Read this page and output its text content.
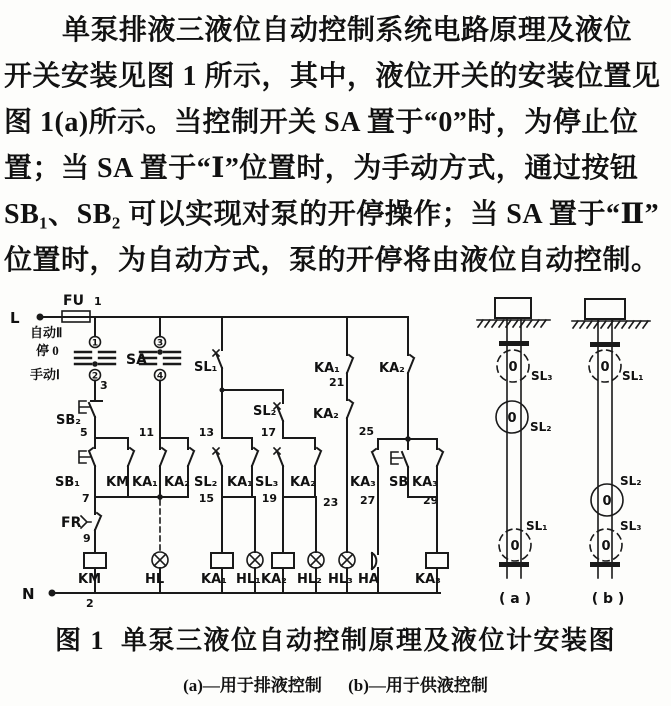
单泵排液三液位自动控制系统电路原理及液位
开关安装见图 1 所示，其中，液位开关的安装位置见
图 1(a)所示。当控制开关 SA 置于“0”时，为停止位
置；当 SA 置于“Ⅰ”位置时，为手动方式，通过按钮
SB₁、SB₂ 可以实现对泵的开停操作；当 SA 置于“Ⅱ”
位置时，为自动方式，泵的开停将由液位自动控制。
L
FU 1
自动Ⅱ
停 0
手动Ⅰ
1
2
3
4
SA
3
SB₂
5
SB₁ KM
7
FR
9
KM
11
KA₁ KA₂
HL
SL₁
13
SL₂ KA₁
15
KA₁ HL₁
SL₂
17
SL₃ KA₂
19
KA₂ HL₂
KA₁
21
KA₂
23
HL₃
KA₂
25
KA₃
27
HA
SB KA₃
29
KA₃
N
2
0
SL₃
0
SL₂
0
SL₁
( a )
0
SL₁
0
SL₂
0
SL₃
( b )
图 1 单泵三液位自动控制原理及液位计安装图
(a)—用于排液控制 (b)—用于供液控制
